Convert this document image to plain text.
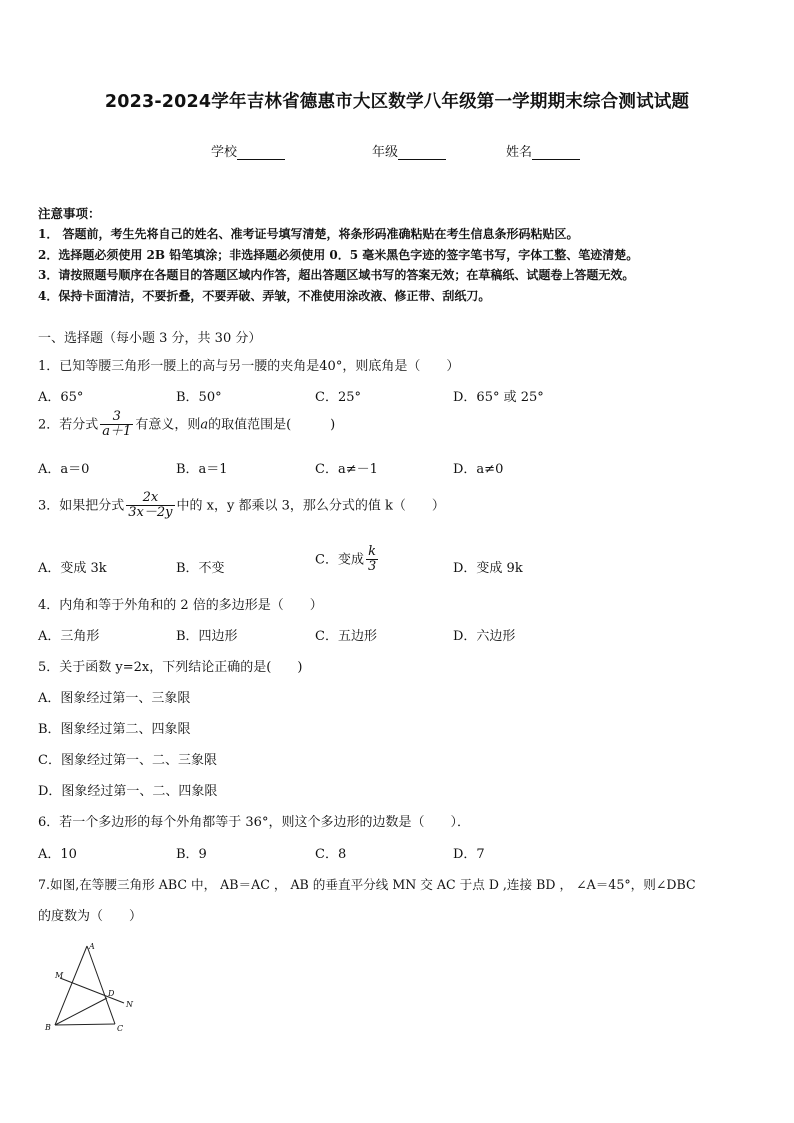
2023-2024学年吉林省德惠市大区数学八年级第一学期期末综合测试试题
学校	年级	姓名
注意事项：
1． 答题前，考生先将自己的姓名、准考证号填写清楚，将条形码准确粘贴在考生信息条形码粘贴区。
2．选择题必须使用 2B 铅笔填涂；非选择题必须使用 0．5 毫米黑色字迹的签字笔书写，字体工整、笔迹清楚。
3．请按照题号顺序在各题目的答题区域内作答，超出答题区域书写的答案无效；在草稿纸、试题卷上答题无效。
4．保持卡面清洁，不要折叠，不要弄破、弄皱，不准使用涂改液、修正带、刮纸刀。
一、选择题（每小题 3 分，共 30 分）
1．已知等腰三角形一腰上的高与另一腰的夹角是40°，则底角是（　　）
A．65°	B．50°	C．25°	D．65° 或 25°
2．若分式 $\frac{3}{a+1}$ 有意义，则a的取值范围是(　　　)
A．a＝0	B．a＝1	C．a≠－1	D．a≠0
3．如果把分式 $\frac{2x}{3x-2y}$ 中的 x，y 都乘以 3，那么分式的值 k（　　）
A．变成 3k	B．不变
C．变成 $\frac{k}{3}$	D．变成 9k
4．内角和等于外角和的 2 倍的多边形是（　　）
A．三角形	B．四边形	C．五边形	D．六边形
5．关于函数 y=2x，下列结论正确的是(　　)
A．图象经过第一、三象限
B．图象经过第二、四象限
C．图象经过第一、二、三象限
D．图象经过第一、二、四象限
6．若一个多边形的每个外角都等于 36°，则这个多边形的边数是（　　）．
A．10	B．9	C．8	D．7
7.如图,在等腰三角形 ABC 中， AB＝AC ， AB 的垂直平分线 MN 交 AC 于点 D ,连接 BD ， ∠A＝45°，则∠DBC
的度数为（　　）
A
M
D
N
B	C
